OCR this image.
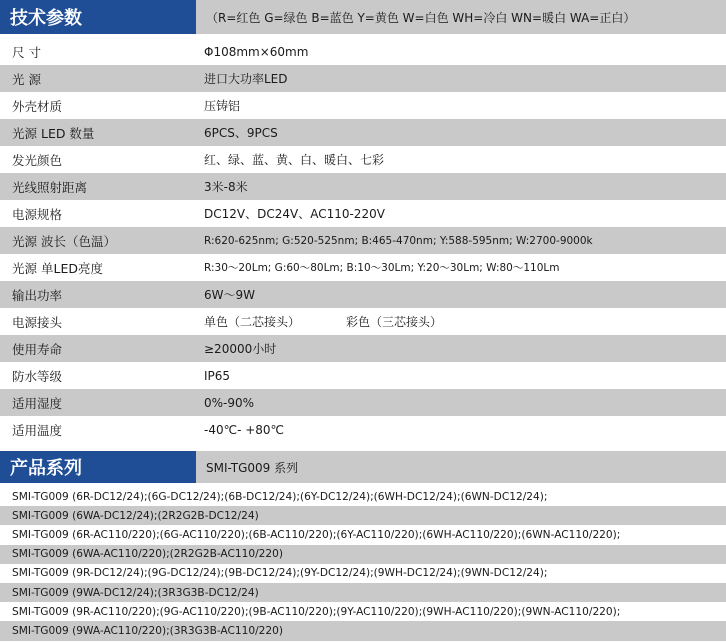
技术参数	（R=红色 G=绿色 B=蓝色 Y=黄色 W=白色 WH=冷白 WN=暖白 WA=正白）
尺 寸	Φ108mm×60mm
光 源	进口大功率LED
外壳材质	压铸铝
光源 LED 数量	6PCS、9PCS
发光颜色	红、绿、蓝、黄、白、暖白、七彩
光线照射距离	3米-8米
电源规格	DC12V、DC24V、AC110-220V
光源 波长（色温）	R:620-625nm; G:520-525nm; B:465-470nm; Y:588-595nm; W:2700-9000k
光源 单LED亮度	R:30～20Lm; G:60～80Lm; B:10～30Lm; Y:20～30Lm; W:80～110Lm
输出功率	6W～9W
电源接头	单色（二芯接头）	彩色（三芯接头）
使用寿命	≥20000小时
防水等级	IP65
适用湿度	0%-90%
适用温度	-40℃- +80℃
产品系列	SMI-TG009 系列
SMI-TG009 (6R-DC12/24);(6G-DC12/24);(6B-DC12/24);(6Y-DC12/24);(6WH-DC12/24);(6WN-DC12/24);
SMI-TG009 (6WA-DC12/24);(2R2G2B-DC12/24)
SMI-TG009 (6R-AC110/220);(6G-AC110/220);(6B-AC110/220);(6Y-AC110/220);(6WH-AC110/220);(6WN-AC110/220);
SMI-TG009 (6WA-AC110/220);(2R2G2B-AC110/220)
SMI-TG009 (9R-DC12/24);(9G-DC12/24);(9B-DC12/24);(9Y-DC12/24);(9WH-DC12/24);(9WN-DC12/24);
SMI-TG009 (9WA-DC12/24);(3R3G3B-DC12/24)
SMI-TG009 (9R-AC110/220);(9G-AC110/220);(9B-AC110/220);(9Y-AC110/220);(9WH-AC110/220);(9WN-AC110/220);
SMI-TG009 (9WA-AC110/220);(3R3G3B-AC110/220)
